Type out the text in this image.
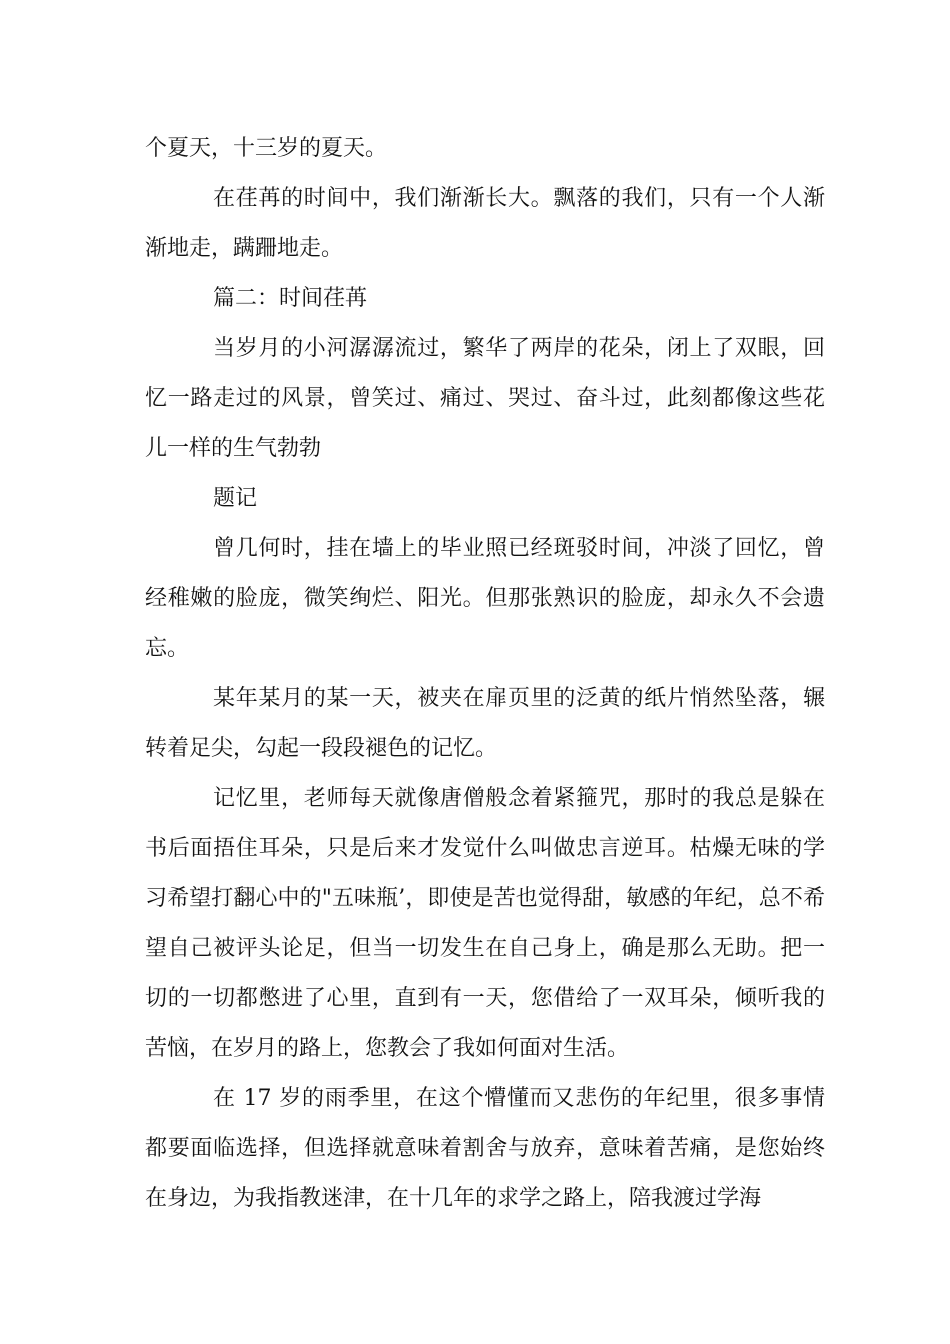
个夏天，十三岁的夏天。

在荏苒的时间中，我们渐渐长大。飘落的我们，只有一个人渐渐地走，蹒跚地走。

篇二：时间荏苒

当岁月的小河潺潺流过，繁华了两岸的花朵，闭上了双眼，回忆一路走过的风景，曾笑过、痛过、哭过、奋斗过，此刻都像这些花儿一样的生气勃勃

题记

曾几何时，挂在墙上的毕业照已经斑驳时间，冲淡了回忆，曾经稚嫩的脸庞，微笑绚烂、阳光。但那张熟识的脸庞，却永久不会遗忘。

某年某月的某一天，被夹在扉页里的泛黄的纸片悄然坠落，辗转着足尖，勾起一段段褪色的记忆。

记忆里，老师每天就像唐僧般念着紧箍咒，那时的我总是躲在书后面捂住耳朵，只是后来才发觉什么叫做忠言逆耳。枯燥无味的学习希望打翻心中的"五味瓶’，即使是苦也觉得甜，敏感的年纪，总不希望自己被评头论足，但当一切发生在自己身上，确是那么无助。把一切的一切都憋进了心里，直到有一天，您借给了一双耳朵，倾听我的苦恼，在岁月的路上，您教会了我如何面对生活。

在 17 岁的雨季里，在这个懵懂而又悲伤的年纪里，很多事情都要面临选择，但选择就意味着割舍与放弃，意味着苦痛，是您始终在身边，为我指教迷津，在十几年的求学之路上，陪我渡过学海
